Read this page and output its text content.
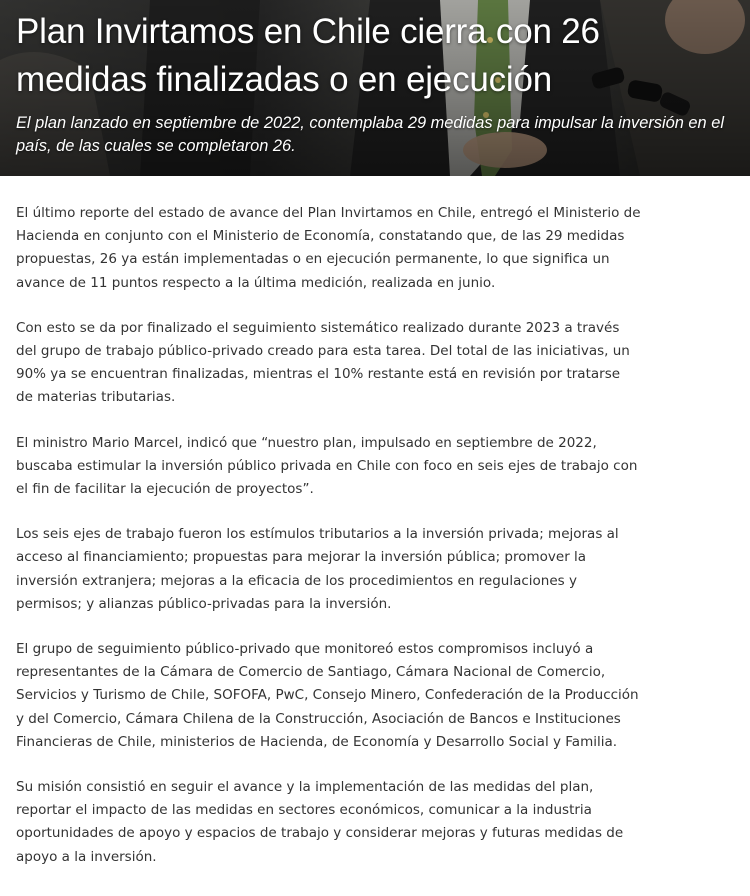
Plan Invirtamos en Chile cierra con 26 medidas finalizadas o en ejecución

El plan lanzado en septiembre de 2022, contemplaba 29 medidas para impulsar la inversión en el país, de las cuales se completaron 26.

El último reporte del estado de avance del Plan Invirtamos en Chile, entregó el Ministerio de Hacienda en conjunto con el Ministerio de Economía, constatando que, de las 29 medidas propuestas, 26 ya están implementadas o en ejecución permanente, lo que significa un avance de 11 puntos respecto a la última medición, realizada en junio.

Con esto se da por finalizado el seguimiento sistemático realizado durante 2023 a través del grupo de trabajo público-privado creado para esta tarea. Del total de las iniciativas, un 90% ya se encuentran finalizadas, mientras el 10% restante está en revisión por tratarse de materias tributarias.

El ministro Mario Marcel, indicó que “nuestro plan, impulsado en septiembre de 2022, buscaba estimular la inversión público privada en Chile con foco en seis ejes de trabajo con el fin de facilitar la ejecución de proyectos”.

Los seis ejes de trabajo fueron los estímulos tributarios a la inversión privada; mejoras al acceso al financiamiento; propuestas para mejorar la inversión pública; promover la inversión extranjera; mejoras a la eficacia de los procedimientos en regulaciones y permisos; y alianzas público-privadas para la inversión.

El grupo de seguimiento público-privado que monitoreó estos compromisos incluyó a representantes de la Cámara de Comercio de Santiago, Cámara Nacional de Comercio, Servicios y Turismo de Chile, SOFOFA, PwC, Consejo Minero, Confederación de la Producción y del Comercio, Cámara Chilena de la Construcción, Asociación de Bancos e Instituciones Financieras de Chile, ministerios de Hacienda, de Economía y Desarrollo Social y Familia.

Su misión consistió en seguir el avance y la implementación de las medidas del plan, reportar el impacto de las medidas en sectores económicos, comunicar a la industria oportunidades de apoyo y espacios de trabajo y considerar mejoras y futuras medidas de apoyo a la inversión.
